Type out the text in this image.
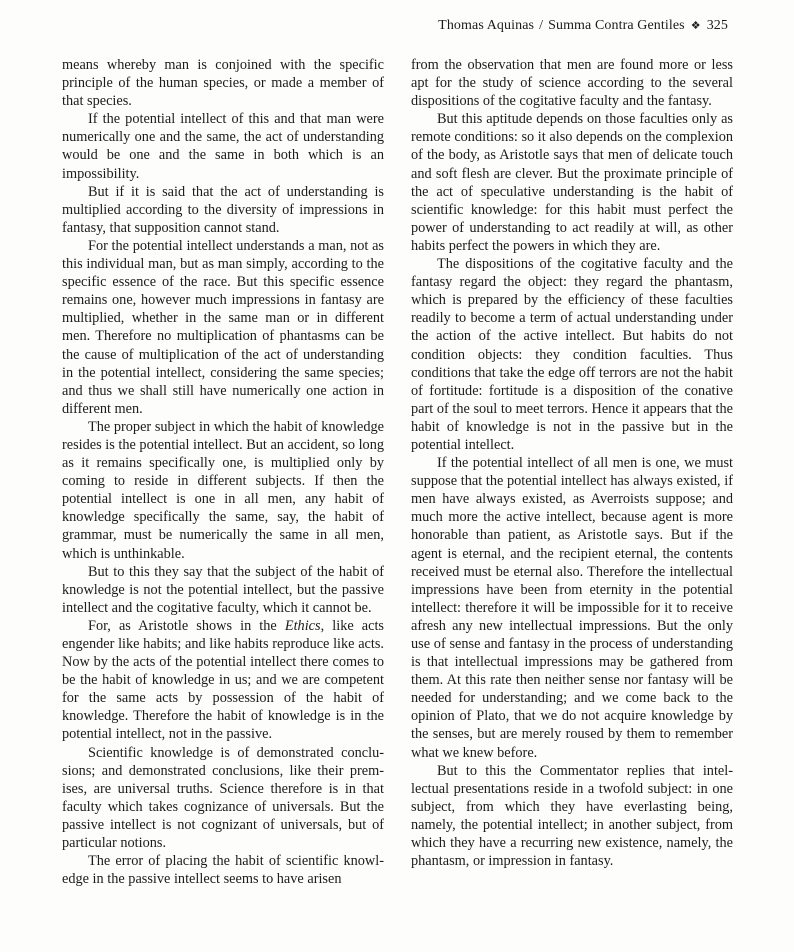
Thomas Aquinas / Summa Contra Gentiles ❖ 325

means whereby man is conjoined with the specific principle of the human species, or made a member of that species.

If the potential intellect of this and that man were numerically one and the same, the act of understanding would be one and the same in both which is an impossibility.

But if it is said that the act of understanding is multiplied according to the diversity of impressions in fantasy, that supposition cannot stand.

For the potential intellect understands a man, not as this individual man, but as man simply, according to the specific essence of the race. But this specific essence remains one, however much impressions in fantasy are multiplied, whether in the same man or in different men. Therefore no multiplication of phantasms can be the cause of multiplication of the act of understanding in the potential intellect, considering the same species; and thus we shall still have numerically one action in different men.

The proper subject in which the habit of knowledge resides is the potential intellect. But an accident, so long as it remains specifically one, is multiplied only by coming to reside in different subjects. If then the potential intellect is one in all men, any habit of knowledge specifically the same, say, the habit of grammar, must be numerically the same in all men, which is unthinkable.

But to this they say that the subject of the habit of knowledge is not the potential intellect, but the passive intellect and the cogitative faculty, which it cannot be.

For, as Aristotle shows in the Ethics, like acts engender like habits; and like habits reproduce like acts. Now by the acts of the potential intellect there comes to be the habit of knowledge in us; and we are competent for the same acts by possession of the habit of knowledge. Therefore the habit of knowledge is in the potential intellect, not in the passive.

Scientific knowledge is of demonstrated conclusions; and demonstrated conclusions, like their premises, are universal truths. Science therefore is in that faculty which takes cognizance of universals. But the passive intellect is not cognizant of universals, but of particular notions.

The error of placing the habit of scientific knowledge in the passive intellect seems to have arisen

from the observation that men are found more or less apt for the study of science according to the several dispositions of the cogitative faculty and the fantasy.

But this aptitude depends on those faculties only as remote conditions: so it also depends on the complexion of the body, as Aristotle says that men of delicate touch and soft flesh are clever. But the proximate principle of the act of speculative understanding is the habit of scientific knowledge: for this habit must perfect the power of understanding to act readily at will, as other habits perfect the powers in which they are.

The dispositions of the cogitative faculty and the fantasy regard the object: they regard the phantasm, which is prepared by the efficiency of these faculties readily to become a term of actual understanding under the action of the active intellect. But habits do not condition objects: they condition faculties. Thus conditions that take the edge off terrors are not the habit of fortitude: fortitude is a disposition of the conative part of the soul to meet terrors. Hence it appears that the habit of knowledge is not in the passive but in the potential intellect.

If the potential intellect of all men is one, we must suppose that the potential intellect has always existed, if men have always existed, as Averroists suppose; and much more the active intellect, because agent is more honorable than patient, as Aristotle says. But if the agent is eternal, and the recipient eternal, the contents received must be eternal also. Therefore the intellectual impressions have been from eternity in the potential intellect: therefore it will be impossible for it to receive afresh any new intellectual impressions. But the only use of sense and fantasy in the process of understanding is that intellectual impressions may be gathered from them. At this rate then neither sense nor fantasy will be needed for understanding; and we come back to the opinion of Plato, that we do not acquire knowledge by the senses, but are merely roused by them to remember what we knew before.

But to this the Commentator replies that intellectual presentations reside in a twofold subject: in one subject, from which they have everlasting being, namely, the potential intellect; in another subject, from which they have a recurring new existence, namely, the phantasm, or impression in fantasy.
